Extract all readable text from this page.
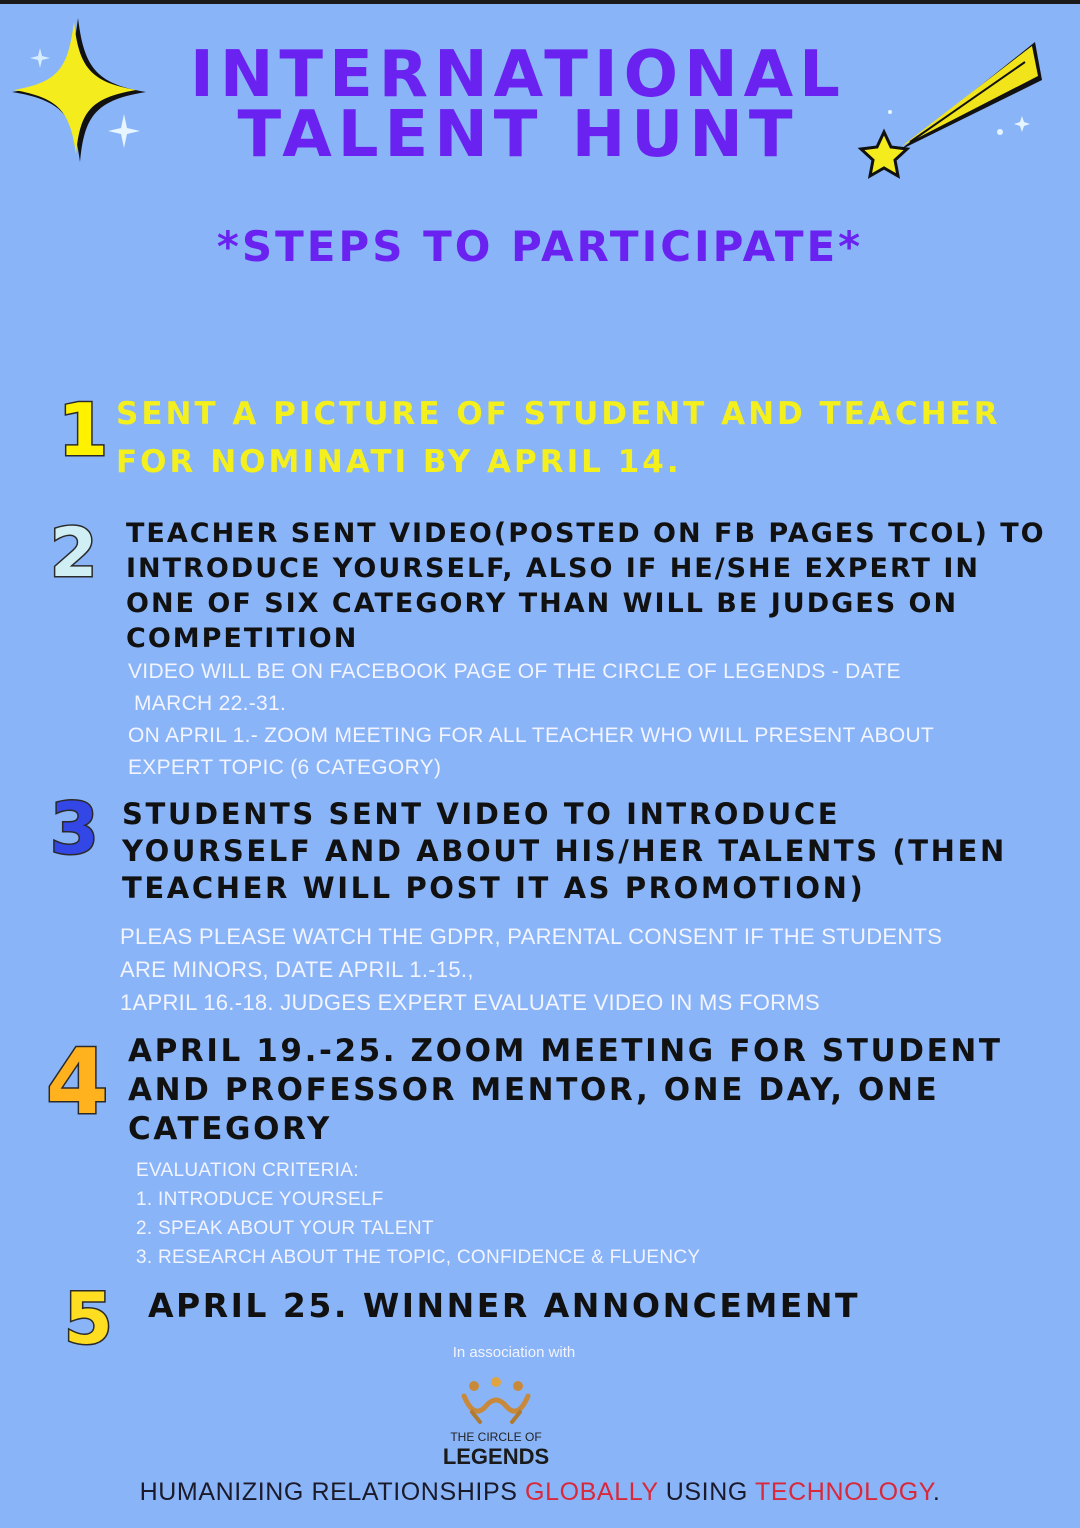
INTERNATIONAL
TALENT HUNT
*STEPS TO PARTICIPATE*
1 SENT A PICTURE OF STUDENT AND TEACHER FOR NOMINATI BY APRIL 14.
2 TEACHER SENT VIDEO(POSTED ON FB PAGES TCOL) TO INTRODUCE YOURSELF, ALSO IF HE/SHE EXPERT IN ONE OF SIX CATEGORY THAN WILL BE JUDGES ON COMPETITION
VIDEO WILL BE ON FACEBOOK PAGE OF THE CIRCLE OF LEGENDS - DATE
MARCH 22.-31.
ON APRIL 1.- ZOOM MEETING FOR ALL TEACHER WHO WILL PRESENT ABOUT
EXPERT TOPIC (6 CATEGORY)
3 STUDENTS SENT VIDEO TO INTRODUCE YOURSELF AND ABOUT HIS/HER TALENTS (THEN TEACHER WILL POST IT AS PROMOTION)
PLEAS PLEASE WATCH THE GDPR, PARENTAL CONSENT IF THE STUDENTS
ARE MINORS, DATE APRIL 1.-15.,
1APRIL 16.-18. JUDGES EXPERT EVALUATE VIDEO IN MS FORMS
4 APRIL 19.-25. ZOOM MEETING FOR STUDENT AND PROFESSOR MENTOR, ONE DAY, ONE CATEGORY
EVALUATION CRITERIA:
1. INTRODUCE YOURSELF
2. SPEAK ABOUT YOUR TALENT
3. RESEARCH ABOUT THE TOPIC, CONFIDENCE & FLUENCY
5 APRIL 25. WINNER ANNONCEMENT
In association with
THE CIRCLE OF
LEGENDS
HUMANIZING RELATIONSHIPS GLOBALLY USING TECHNOLOGY.
